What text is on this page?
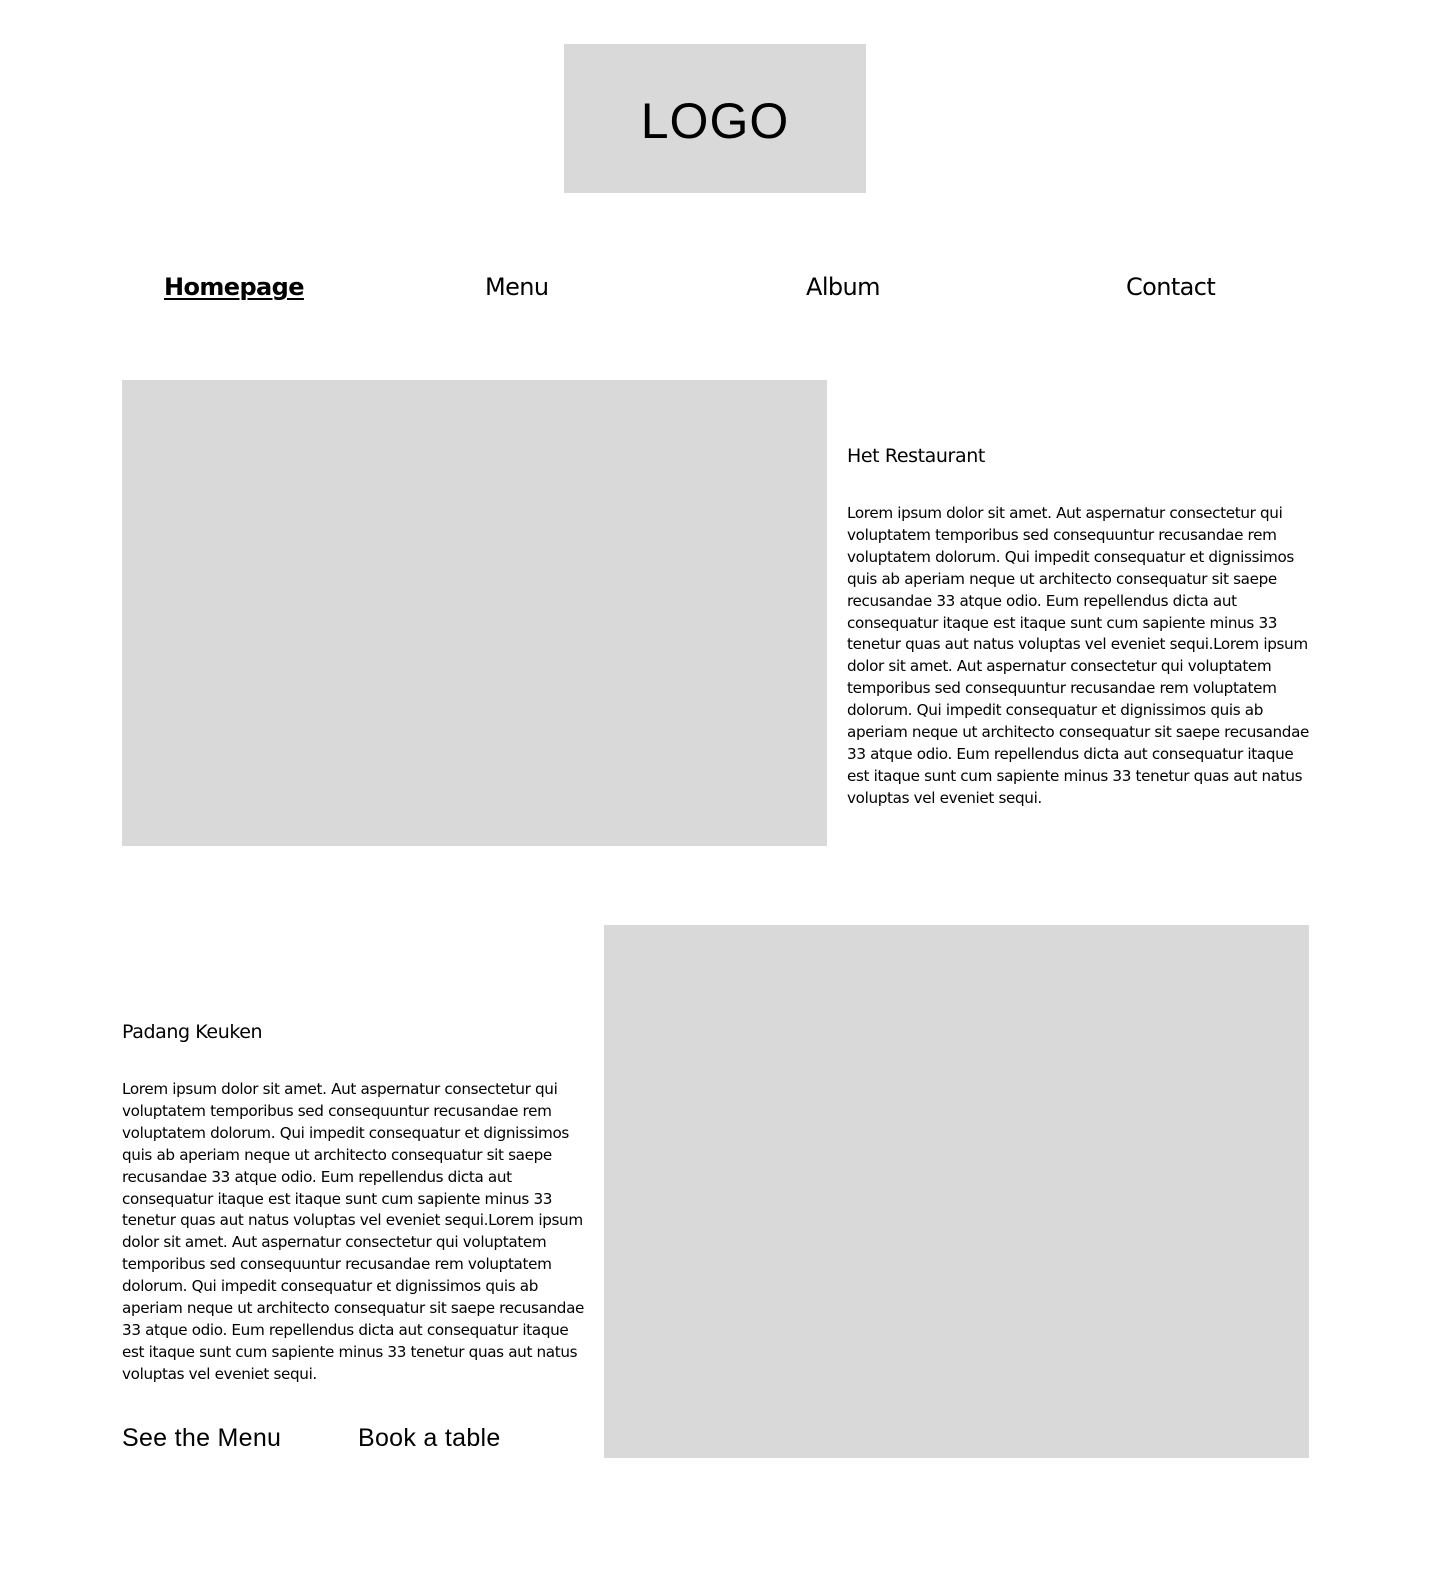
LOGO
Homepage	Menu	Album	Contact
Het Restaurant

Lorem ipsum dolor sit amet. Aut aspernatur consectetur qui voluptatem temporibus sed consequuntur recusandae rem voluptatem dolorum. Qui impedit consequatur et dignissimos quis ab aperiam neque ut architecto consequatur sit saepe recusandae 33 atque odio. Eum repellendus dicta aut consequatur itaque est itaque sunt cum sapiente minus 33 tenetur quas aut natus voluptas vel eveniet sequi.Lorem ipsum dolor sit amet. Aut aspernatur consectetur qui voluptatem temporibus sed consequuntur recusandae rem voluptatem dolorum. Qui impedit consequatur et dignissimos quis ab aperiam neque ut architecto consequatur sit saepe recusandae 33 atque odio. Eum repellendus dicta aut consequatur itaque est itaque sunt cum sapiente minus 33 tenetur quas aut natus voluptas vel eveniet sequi.

Padang Keuken

Lorem ipsum dolor sit amet. Aut aspernatur consectetur qui voluptatem temporibus sed consequuntur recusandae rem voluptatem dolorum. Qui impedit consequatur et dignissimos quis ab aperiam neque ut architecto consequatur sit saepe recusandae 33 atque odio. Eum repellendus dicta aut consequatur itaque est itaque sunt cum sapiente minus 33 tenetur quas aut natus voluptas vel eveniet sequi.Lorem ipsum dolor sit amet. Aut aspernatur consectetur qui voluptatem temporibus sed consequuntur recusandae rem voluptatem dolorum. Qui impedit consequatur et dignissimos quis ab aperiam neque ut architecto consequatur sit saepe recusandae 33 atque odio. Eum repellendus dicta aut consequatur itaque est itaque sunt cum sapiente minus 33 tenetur quas aut natus voluptas vel eveniet sequi.

See the Menu	Book a table
